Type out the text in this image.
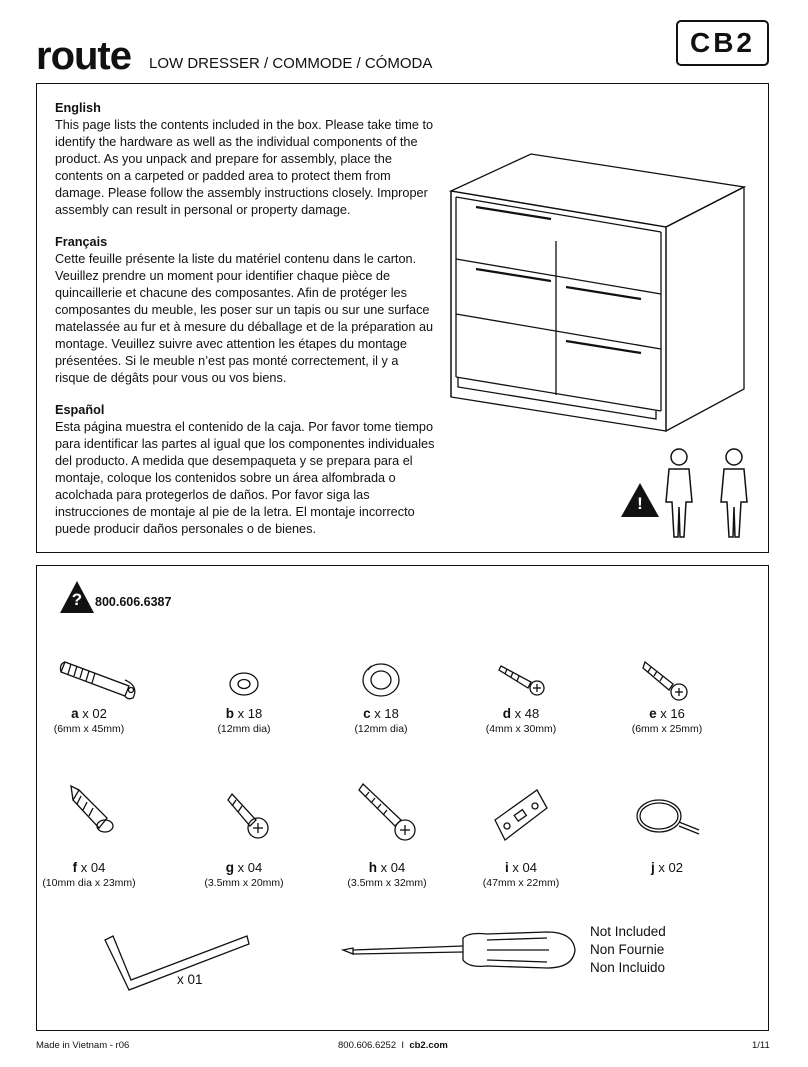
route LOW DRESSER / COMMODE / CÓMODA
CB2
English

This page lists the contents included in the box. Please take time to identify the hardware as well as the individual components of the product. As you unpack and prepare for assembly, place the contents on a carpeted or padded area to protect them from damage. Please follow the assembly instructions closely. Improper assembly can result in personal or property damage.

Français

Cette feuille présente la liste du matériel contenu dans le carton. Veuillez prendre un moment pour identifier chaque pièce de quincaillerie et chacune des composantes. Afin de protéger les composantes du meuble, les poser sur un tapis ou sur une surface matelassée au fur et à mesure du déballage et de la préparation au montage. Veuillez suivre avec attention les étapes du montage présentées. Si le meuble n’est pas monté correctement, il y a risque de dégâts pour vous ou vos biens.

Español

Esta página muestra el contenido de la caja. Por favor tome tiempo para identificar las partes al igual que los componentes individuales del producto. A medida que desempaqueta y se prepara para el montaje, coloque los contenidos sobre un área alfombrada o acolchada para protegerlos de daños. Por favor siga las instrucciones de montaje al pie de la letra. El montaje incorrecto puede producir daños personales o de bienes.

!
?	800.606.6387
a x 02
(6mm x 45mm)
b x 18
(12mm dia)
c x 18
(12mm dia)
d x 48
(4mm x 30mm)
e x 16
(6mm x 25mm)
f x 04
(10mm dia x 23mm)
g x 04
(3.5mm x 20mm)
h x 04
(3.5mm x 32mm)
i x 04
(47mm x 22mm)
j x 02
x 01
Not Included
Non Fournie
Non Incluido
Made in Vietnam - r06	800.606.6252 I cb2.com	1/11
